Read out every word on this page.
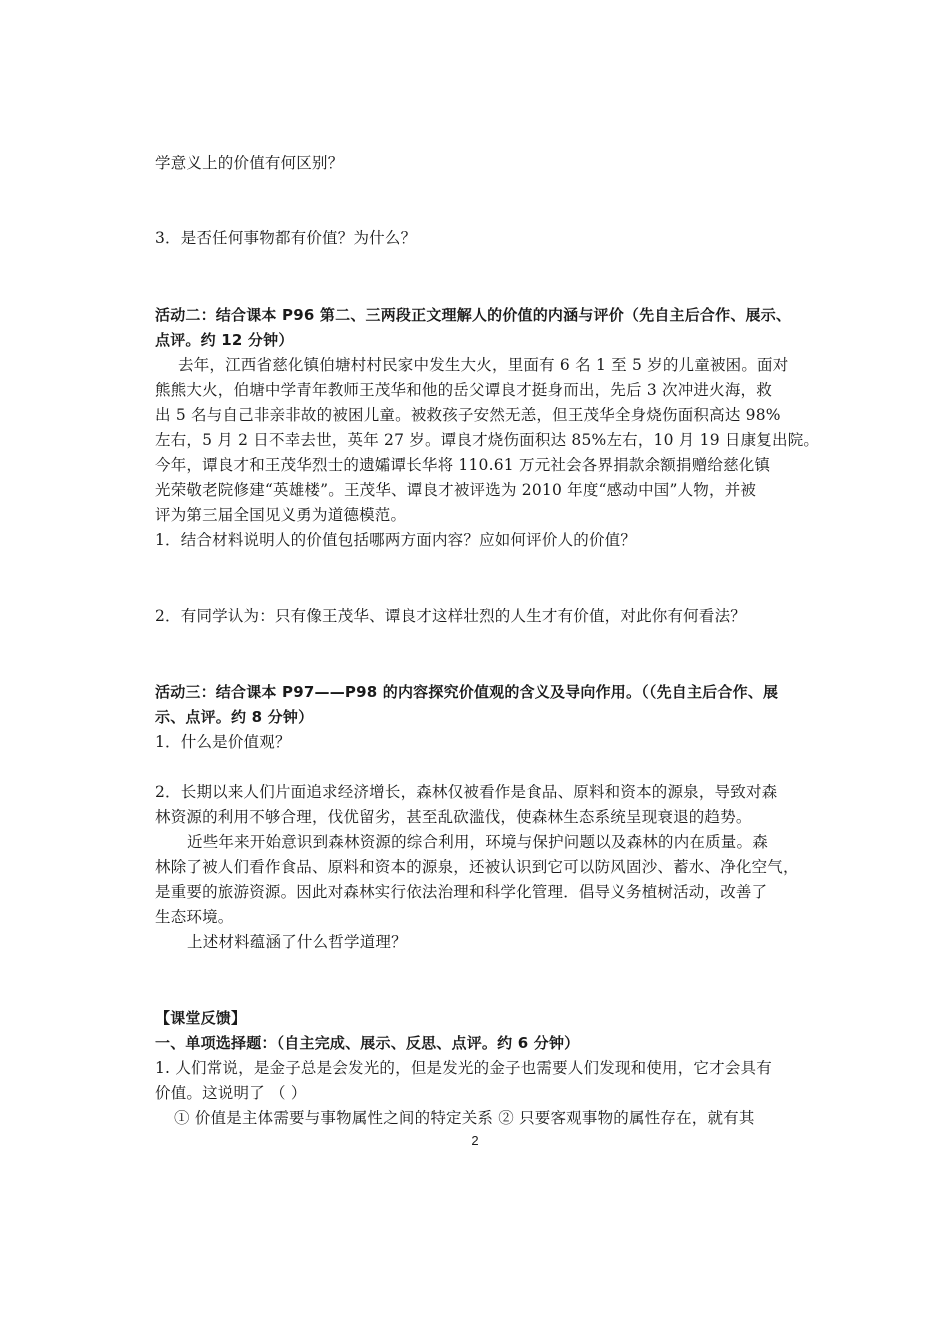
学意义上的价值有何区别？
3．是否任何事物都有价值？为什么？
活动二：结合课本 P96 第二、三两段正文理解人的价值的内涵与评价（先自主后合作、展示、
点评。约 12 分钟）
去年，江西省慈化镇伯塘村村民家中发生大火，里面有 6 名 1 至 5 岁的儿童被困。面对
熊熊大火，伯塘中学青年教师王茂华和他的岳父谭良才挺身而出，先后 3 次冲进火海，救
出 5 名与自己非亲非故的被困儿童。被救孩子安然无恙，但王茂华全身烧伤面积高达 98%
左右，5 月 2 日不幸去世，英年 27 岁。谭良才烧伤面积达 85%左右，10 月 19 日康复出院。
今年，谭良才和王茂华烈士的遗孀谭长华将 110.61 万元社会各界捐款余额捐赠给慈化镇
光荣敬老院修建“英雄楼”。王茂华、谭良才被评选为 2010 年度“感动中国”人物，并被
评为第三届全国见义勇为道德模范。
1．结合材料说明人的价值包括哪两方面内容？应如何评价人的价值？
2．有同学认为：只有像王茂华、谭良才这样壮烈的人生才有价值，对此你有何看法？
活动三：结合课本 P97——P98 的内容探究价值观的含义及导向作用。（（先自主后合作、展
示、点评。约 8 分钟）
1．什么是价值观？
2．长期以来人们片面追求经济增长，森林仅被看作是食品、原料和资本的源泉，导致对森
林资源的利用不够合理，伐优留劣，甚至乱砍滥伐，使森林生态系统呈现衰退的趋势。
近些年来开始意识到森林资源的综合利用，环境与保护问题以及森林的内在质量。森
林除了被人们看作食品、原料和资本的源泉，还被认识到它可以防风固沙、蓄水、净化空气，
是重要的旅游资源。因此对森林实行依法治理和科学化管理．倡导义务植树活动，改善了
生态环境。
上述材料蕴涵了什么哲学道理？
【课堂反馈】
一、单项选择题：（自主完成、展示、反思、点评。约 6 分钟）
1. 人们常说，是金子总是会发光的，但是发光的金子也需要人们发现和使用，它才会具有
价值。这说明了 （ ）
① 价值是主体需要与事物属性之间的特定关系 ② 只要客观事物的属性存在，就有其
2
